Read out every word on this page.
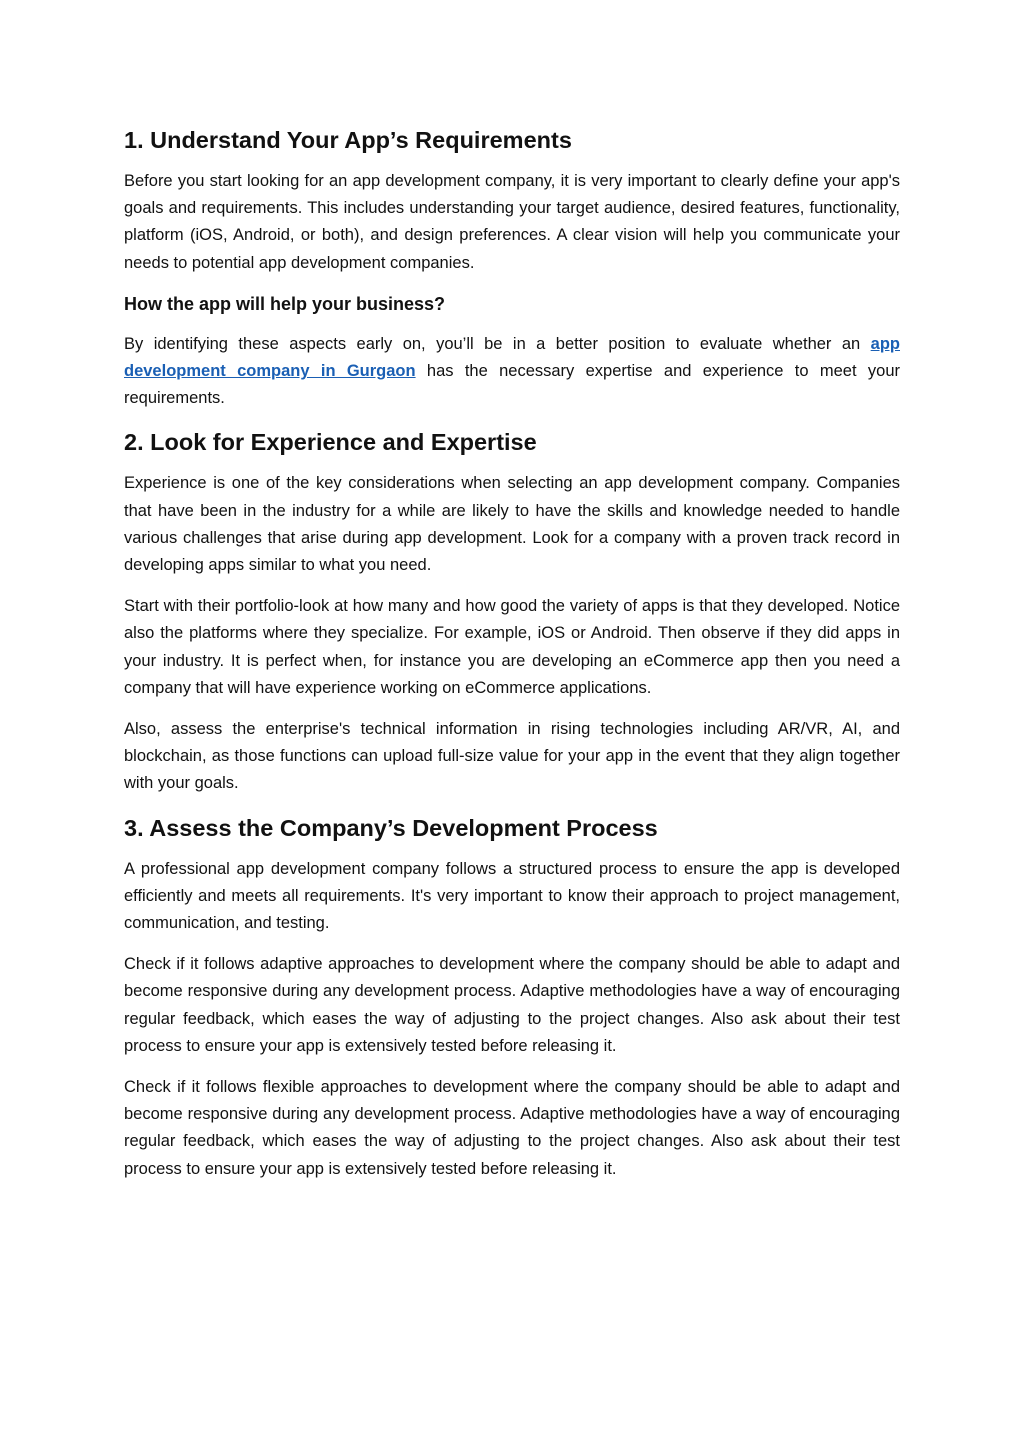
1. Understand Your App’s Requirements

Before you start looking for an app development company, it is very important to clearly define your app's goals and requirements. This includes understanding your target audience, desired features, functionality, platform (iOS, Android, or both), and design preferences. A clear vision will help you communicate your needs to potential app development companies.

How the app will help your business?

By identifying these aspects early on, you’ll be in a better position to evaluate whether an app development company in Gurgaon has the necessary expertise and experience to meet your requirements.

2. Look for Experience and Expertise

Experience is one of the key considerations when selecting an app development company. Companies that have been in the industry for a while are likely to have the skills and knowledge needed to handle various challenges that arise during app development. Look for a company with a proven track record in developing apps similar to what you need.

Start with their portfolio-look at how many and how good the variety of apps is that they developed. Notice also the platforms where they specialize. For example, iOS or Android. Then observe if they did apps in your industry. It is perfect when, for instance you are developing an eCommerce app then you need a company that will have experience working on eCommerce applications.

Also, assess the enterprise's technical information in rising technologies including AR/VR, AI, and blockchain, as those functions can upload full-size value for your app in the event that they align together with your goals.

3. Assess the Company’s Development Process

A professional app development company follows a structured process to ensure the app is developed efficiently and meets all requirements. It's very important to know their approach to project management, communication, and testing.

Check if it follows adaptive approaches to development where the company should be able to adapt and become responsive during any development process. Adaptive methodologies have a way of encouraging regular feedback, which eases the way of adjusting to the project changes. Also ask about their test process to ensure your app is extensively tested before releasing it.

Check if it follows flexible approaches to development where the company should be able to adapt and become responsive during any development process. Adaptive methodologies have a way of encouraging regular feedback, which eases the way of adjusting to the project changes. Also ask about their test process to ensure your app is extensively tested before releasing it.
